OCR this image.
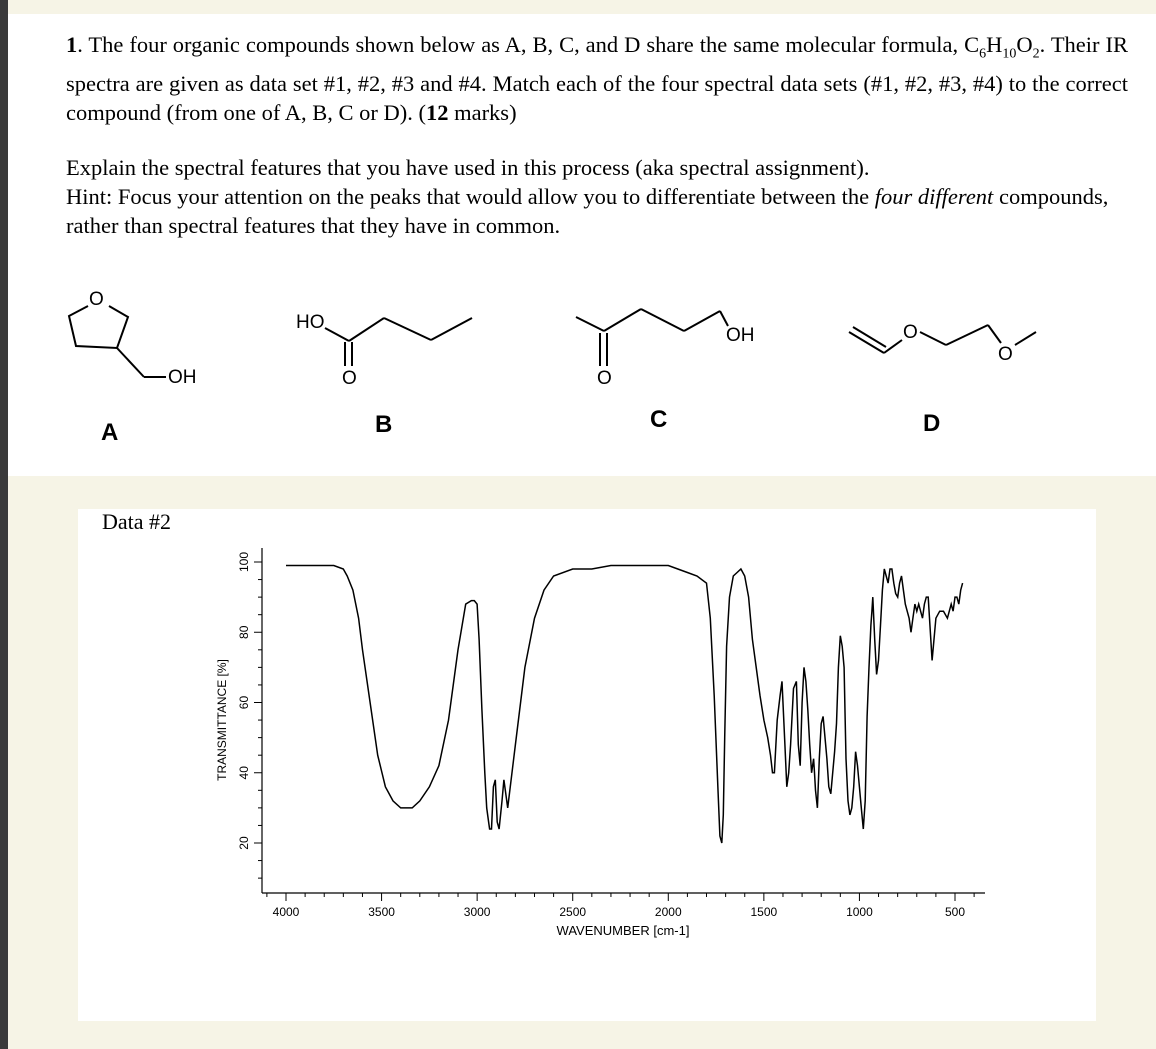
1. The four organic compounds shown below as A, B, C, and D share the same molecular formula, $C_6H_{10}O_2$. Their IR spectra are given as data set #1, #2, #3 and #4. Match each of the four spectral data sets (#1, #2, #3, #4) to the correct compound (from one of A, B, C or D). (12 marks)

Explain the spectral features that you have used in this process (aka spectral assignment).
Hint: Focus your attention on the peaks that would allow you to differentiate between the four different compounds, rather than spectral features that they have in common.

O
OH
HO
O	O
OH	O
O
A	B	C	D
Data #2
20
40
60
80
100
4000	3500	3000	2500	2000	1500	1000	500
WAVENUMBER [cm-1]
TRANSMITTANCE [%]
